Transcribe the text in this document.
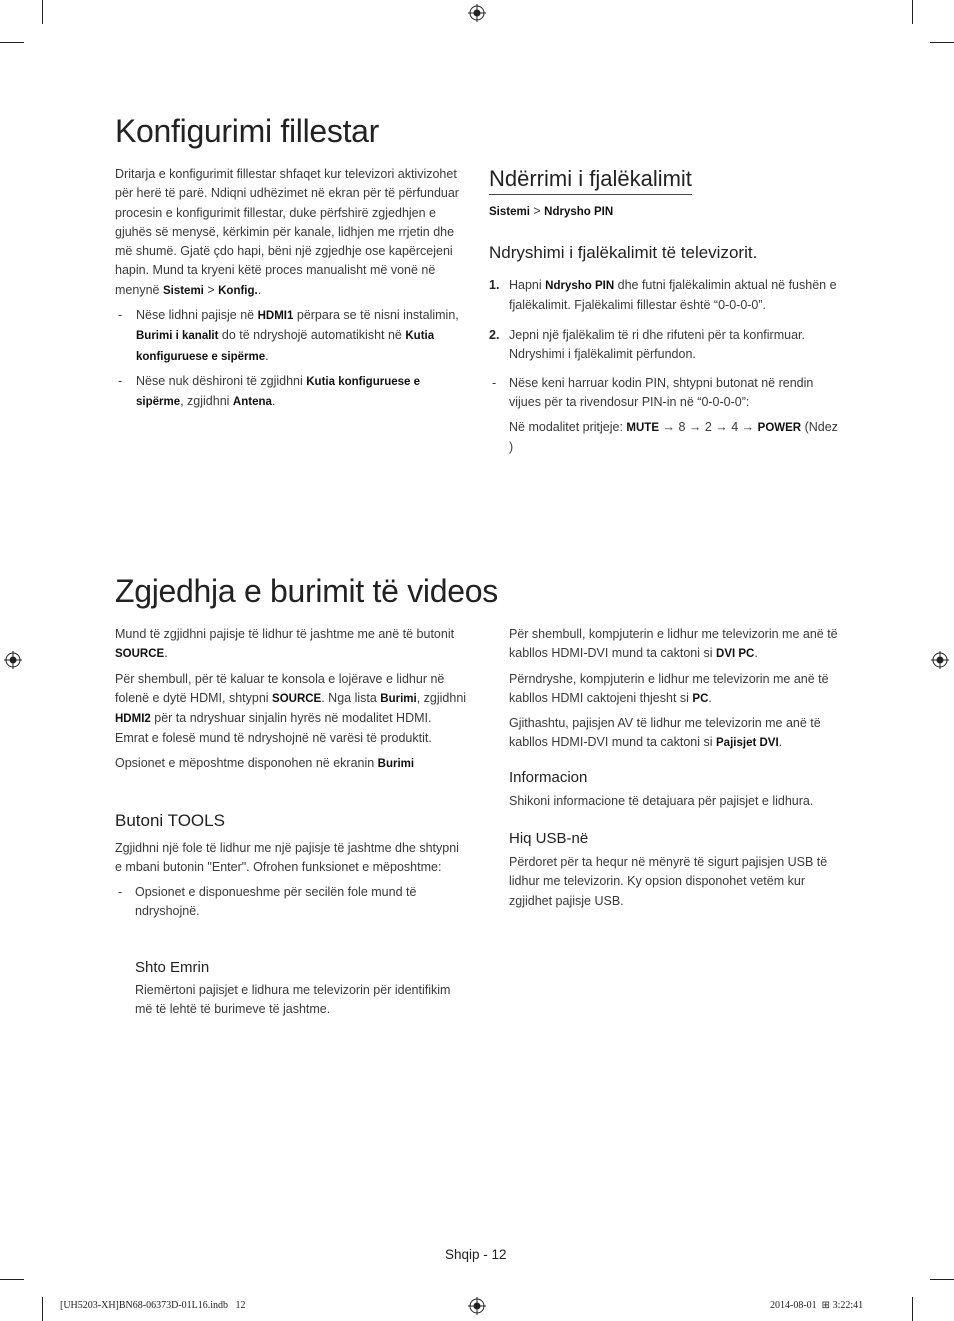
Konfigurimi fillestar

Dritarja e konfigurimit fillestar shfaqet kur televizori aktivizohet për herë të parë. Ndiqni udhëzimet në ekran për të përfunduar procesin e konfigurimit fillestar, duke përfshirë zgjedhjen e gjuhës së menysë, kërkimin për kanale, lidhjen me rrjetin dhe më shumë. Gjatë çdo hapi, bëni një zgjedhje ose kapërcejeni hapin. Mund ta kryeni këtë proces manualisht më vonë në menynë Sistemi > Konfig..

- Nëse lidhni pajisje në HDMI1 përpara se të nisni instalimin, Burimi i kanalit do të ndryshojë automatikisht në Kutia konfiguruese e sipërme.
- Nëse nuk dëshironi të zgjidhni Kutia konfiguruese e sipërme, zgjidhni Antena.
Ndërrimi i fjalëkalimit
Sistemi > Ndrysho PIN
Ndryshimi i fjalëkalimit të televizorit.
1. Hapni Ndrysho PIN dhe futni fjalëkalimin aktual në fushën e fjalëkalimit. Fjalëkalimi fillestar është “0-0-0-0”.
2. Jepni një fjalëkalim të ri dhe rifuteni për ta konfirmuar. Ndryshimi i fjalëkalimit përfundon.
- Nëse keni harruar kodin PIN, shtypni butonat në rendin vijues për ta rivendosur PIN-in në “0-0-0-0”:
Në modalitet pritjeje: MUTE → 8 → 2 → 4 → POWER (Ndez )
Zgjedhja e burimit të videos

Mund të zgjidhni pajisje të lidhur të jashtme me anë të butonit SOURCE.

Për shembull, për të kaluar te konsola e lojërave e lidhur në folenë e dytë HDMI, shtypni SOURCE. Nga lista Burimi, zgjidhni HDMI2 për ta ndryshuar sinjalin hyrës në modalitet HDMI. Emrat e folesë mund të ndryshojnë në varësi të produktit.

Opsionet e mëposhtme disponohen në ekranin Burimi

Butoni TOOLS

Zgjidhni një fole të lidhur me një pajisje të jashtme dhe shtypni e mbani butonin "Enter". Ofrohen funksionet e mëposhtme:

- Opsionet e disponueshme për secilën fole mund të ndryshojnë.
Shto Emrin
Riemërtoni pajisjet e lidhura me televizorin për identifikim më të lehtë të burimeve të jashtme.

Për shembull, kompjuterin e lidhur me televizorin me anë të kabllos HDMI-DVI mund ta caktoni si DVI PC.

Përndryshe, kompjuterin e lidhur me televizorin me anë të kabllos HDMI caktojeni thjesht si PC.

Gjithashtu, pajisjen AV të lidhur me televizorin me anë të kabllos HDMI-DVI mund ta caktoni si Pajisjet DVI.

Informacion
Shikoni informacione të detajuara për pajisjet e lidhura.
Hiq USB-në
Përdoret për ta hequr në mënyrë të sigurt pajisjen USB të lidhur me televizorin. Ky opsion disponohet vetëm kur zgjidhet pajisje USB.
Shqip - 12
[UH5203-XH]BN68-06373D-01L16.indb   12	2014-08-01 ⊞ 3:22:41
